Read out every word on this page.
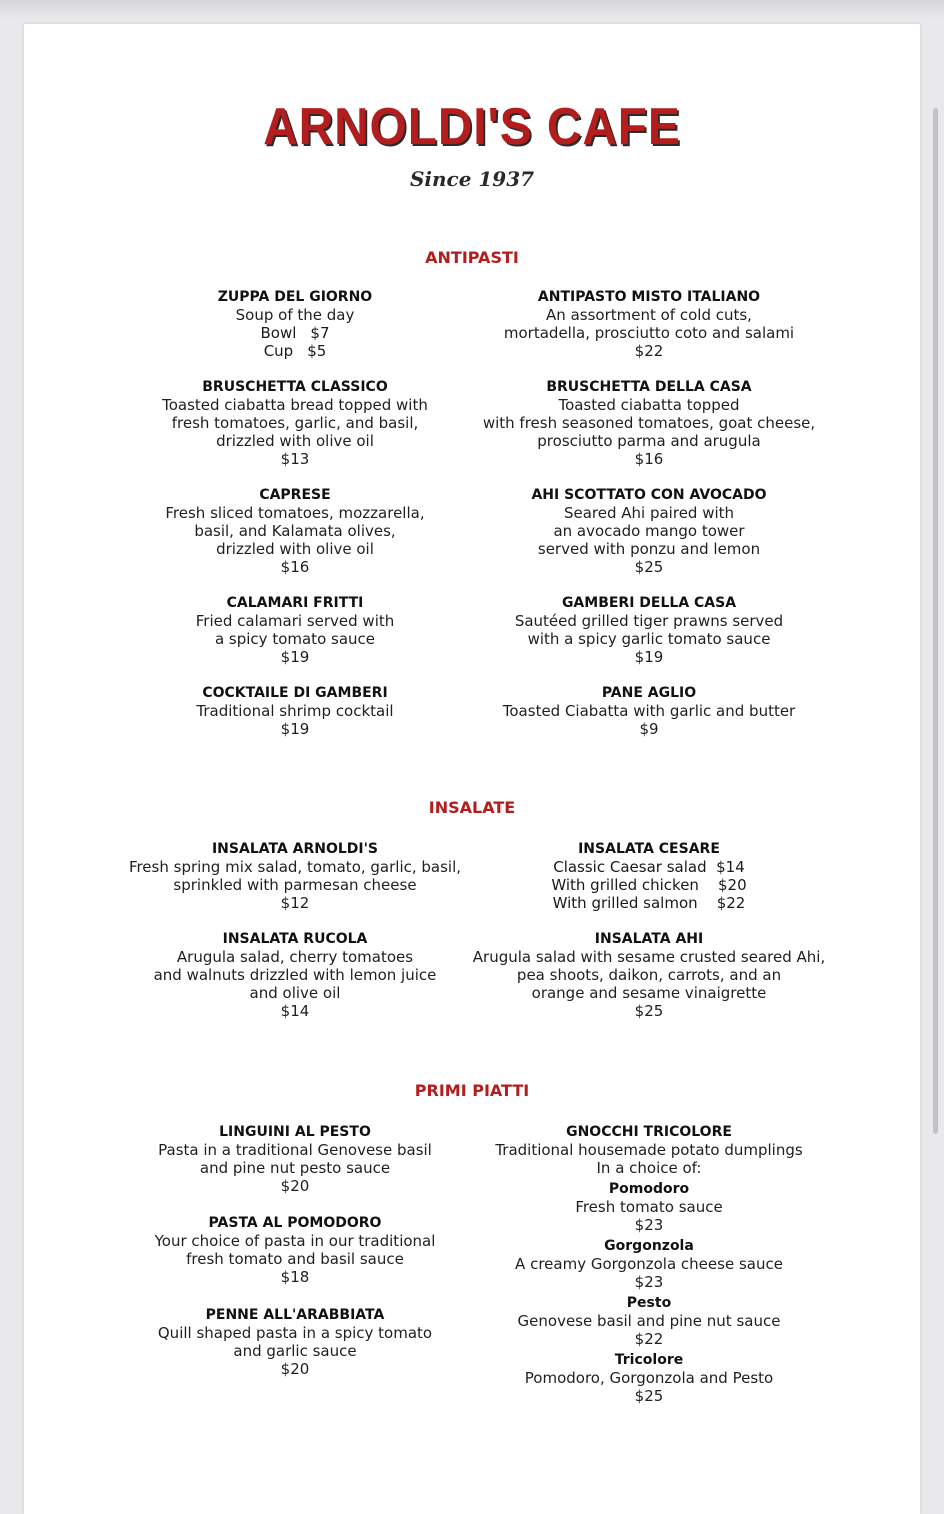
ARNOLDI'S CAFE
Since 1937
ANTIPASTI
ZUPPA DEL GIORNO
Soup of the day
Bowl $7
Cup $5
BRUSCHETTA CLASSICO
Toasted ciabatta bread topped with
fresh tomatoes, garlic, and basil,
drizzled with olive oil
$13
CAPRESE
Fresh sliced tomatoes, mozzarella,
basil, and Kalamata olives,
drizzled with olive oil
$16
CALAMARI FRITTI
Fried calamari served with
a spicy tomato sauce
$19
COCKTAILE DI GAMBERI
Traditional shrimp cocktail
$19
ANTIPASTO MISTO ITALIANO
An assortment of cold cuts,
mortadella, prosciutto coto and salami
$22
BRUSCHETTA DELLA CASA
Toasted ciabatta topped
with fresh seasoned tomatoes, goat cheese,
prosciutto parma and arugula
$16
AHI SCOTTATO CON AVOCADO
Seared Ahi paired with
an avocado mango tower
served with ponzu and lemon
$25
GAMBERI DELLA CASA
Sautéed grilled tiger prawns served
with a spicy garlic tomato sauce
$19
PANE AGLIO
Toasted Ciabatta with garlic and butter
$9
INSALATE
INSALATA ARNOLDI'S
Fresh spring mix salad, tomato, garlic, basil,
sprinkled with parmesan cheese
$12
INSALATA RUCOLA
Arugula salad, cherry tomatoes
and walnuts drizzled with lemon juice
and olive oil
$14
INSALATA CESARE
Classic Caesar salad $14
With grilled chicken $20
With grilled salmon $22
INSALATA AHI
Arugula salad with sesame crusted seared Ahi,
pea shoots, daikon, carrots, and an
orange and sesame vinaigrette
$25
PRIMI PIATTI
LINGUINI AL PESTO
Pasta in a traditional Genovese basil
and pine nut pesto sauce
$20
PASTA AL POMODORO
Your choice of pasta in our traditional
fresh tomato and basil sauce
$18
PENNE ALL'ARABBIATA
Quill shaped pasta in a spicy tomato
and garlic sauce
$20
GNOCCHI TRICOLORE
Traditional housemade potato dumplings
In a choice of:
Pomodoro
Fresh tomato sauce
$23
Gorgonzola
A creamy Gorgonzola cheese sauce
$23
Pesto
Genovese basil and pine nut sauce
$22
Tricolore
Pomodoro, Gorgonzola and Pesto
$25
